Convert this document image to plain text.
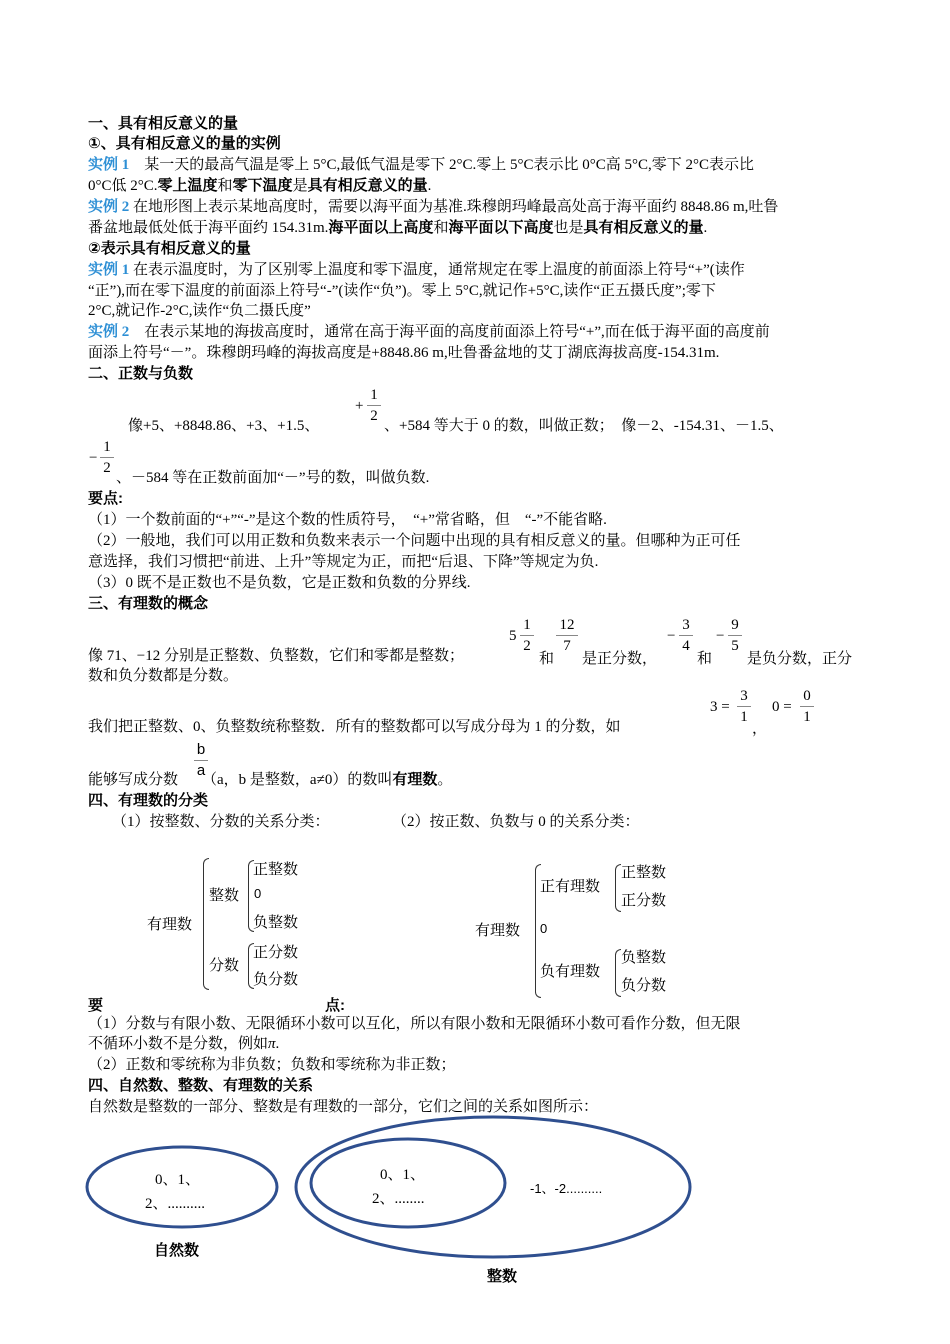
一、具有相反意义的量
①、具有相反意义的量的实例
实例 1　某一天的最高气温是零上 5°C,最低气温是零下 2°C.零上 5°C表示比 0°C高 5°C,零下 2°C表示比
0°C低 2°C.零上温度和零下温度是具有相反意义的量.
实例 2 在地形图上表示某地高度时，需要以海平面为基准.珠穆朗玛峰最高处高于海平面约 8848.86 m,吐鲁
番盆地最低处低于海平面约 154.31m.海平面以上高度和海平面以下高度也是具有相反意义的量.
②表示具有相反意义的量
实例 1 在表示温度时，为了区别零上温度和零下温度，通常规定在零上温度的前面添上符号“+”(读作
“正”),而在零下温度的前面添上符号“-”(读作“负”)。零上 5°C,就记作+5°C,读作“正五摄氏度”;零下
2°C,就记作-2°C,读作“负二摄氏度”
实例 2　在表示某地的海拔高度时，通常在高于海平面的高度前面添上符号“+”,而在低于海平面的高度前
面添上符号“－”。珠穆朗玛峰的海拔高度是+8848.86 m,吐鲁番盆地的艾丁湖底海拔高度-154.31m.
二、正数与负数
像+5、+8848.86、+3、+1.5、
+
1
2
、+584 等大于 0 的数，叫做正数；　像－2、-154.31、－1.5、
−
1
2
、－584 等在正数前面加“－”号的数，叫做负数.
要点:
（1）一个数前面的“+”“-”是这个数的性质符号，　“+”常省略，但　“-”不能省略.
（2）一般地，我们可以用正数和负数来表示一个问题中出现的具有相反意义的量。但哪种为正可任
意选择，我们习惯把“前进、上升”等规定为正，而把“后退、下降”等规定为负.
（3）0 既不是正数也不是负数，它是正数和负数的分界线.
三、有理数的概念
像 71、−12 分别是正整数、负整数，它们和零都是整数；
5
1
2
和
12
7
是正分数，
−
3
4
和
−
9
5
是负分数，正分
数和负分数都是分数。
我们把正整数、0、负整数统称整数．所有的整数都可以写成分母为 1 的分数，如
3 =
3
1
，
0 =
0
1
能够写成分数 （a，b 是整数，a≠0）的数叫有理数。
b
a
四、有理数的分类
（1）按整数、分数的关系分类：	（2）按正数、负数与 0 的关系分类：
有理数
整数
正整数
0
负整数
分数
正分数
负分数
有理数
正有理数
正整数
正分数
0
负有理数
负整数
负分数
要	点:
（1）分数与有限小数、无限循环小数可以互化，所以有限小数和无限循环小数可看作分数，但无限
不循环小数不是分数，例如π.
（2）正数和零统称为非负数；负数和零统称为非正数；
四、自然数、整数、有理数的关系
自然数是整数的一部分、整数是有理数的一部分，它们之间的关系如图所示：
0、1、
2、..........
自然数
0、1、
2、........
-1、-2..........
整数
